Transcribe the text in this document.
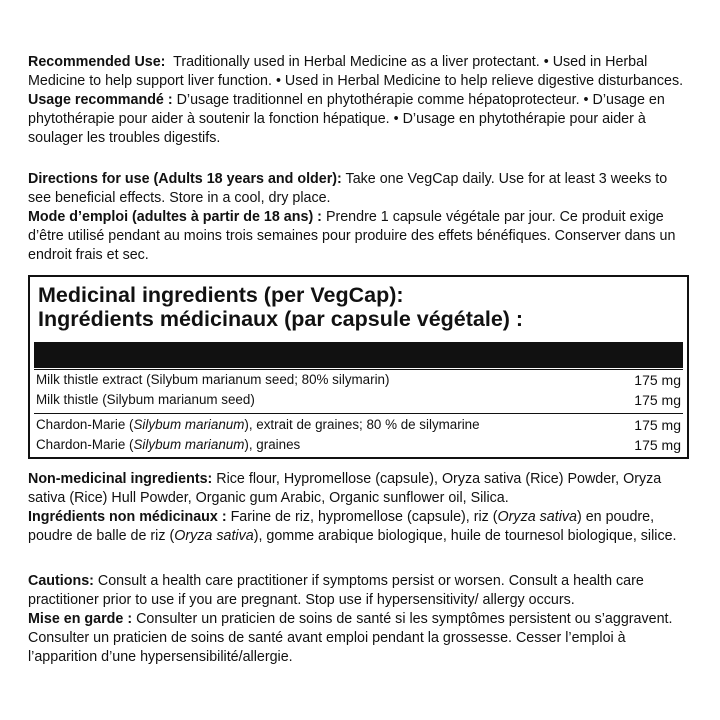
Recommended Use: Traditionally used in Herbal Medicine as a liver protectant. • Used in Herbal Medicine to help support liver function. • Used in Herbal Medicine to help relieve digestive disturbances.

Usage recommandé : D’usage traditionnel en phytothérapie comme hépatoprotecteur. • D’usage en phytothérapie pour aider à soutenir la fonction hépatique. • D’usage en phytothérapie pour aider à soulager les troubles digestifs.

Directions for use (Adults 18 years and older): Take one VegCap daily. Use for at least 3 weeks to see beneficial effects. Store in a cool, dry place.

Mode d’emploi (adultes à partir de 18 ans) : Prendre 1 capsule végétale par jour. Ce produit exige d’être utilisé pendant au moins trois semaines pour produire des effets bénéfiques. Conserver dans un endroit frais et sec.

Medicinal ingredients (per VegCap):
Ingrédients médicinaux (par capsule végétale) :
Milk thistle extract (Silybum marianum seed; 80% silymarin)	175 mg
Milk thistle (Silybum marianum seed)	175 mg
Chardon-Marie (Silybum marianum), extrait de graines; 80 % de silymarine	175 mg
Chardon-Marie (Silybum marianum), graines	175 mg

Non-medicinal ingredients: Rice flour, Hypromellose (capsule), Oryza sativa (Rice) Powder, Oryza sativa (Rice) Hull Powder, Organic gum Arabic, Organic sunflower oil, Silica.

Ingrédients non médicinaux : Farine de riz, hypromellose (capsule), riz (Oryza sativa) en poudre, poudre de balle de riz (Oryza sativa), gomme arabique biologique, huile de tournesol biologique, silice.

Cautions: Consult a health care practitioner if symptoms persist or worsen. Consult a health care practitioner prior to use if you are pregnant. Stop use if hypersensitivity/ allergy occurs.

Mise en garde : Consulter un praticien de soins de santé si les symptômes persistent ou s’aggravent. Consulter un praticien de soins de santé avant emploi pendant la grossesse. Cesser l’emploi à l’apparition d’une hypersensibilité/allergie.
